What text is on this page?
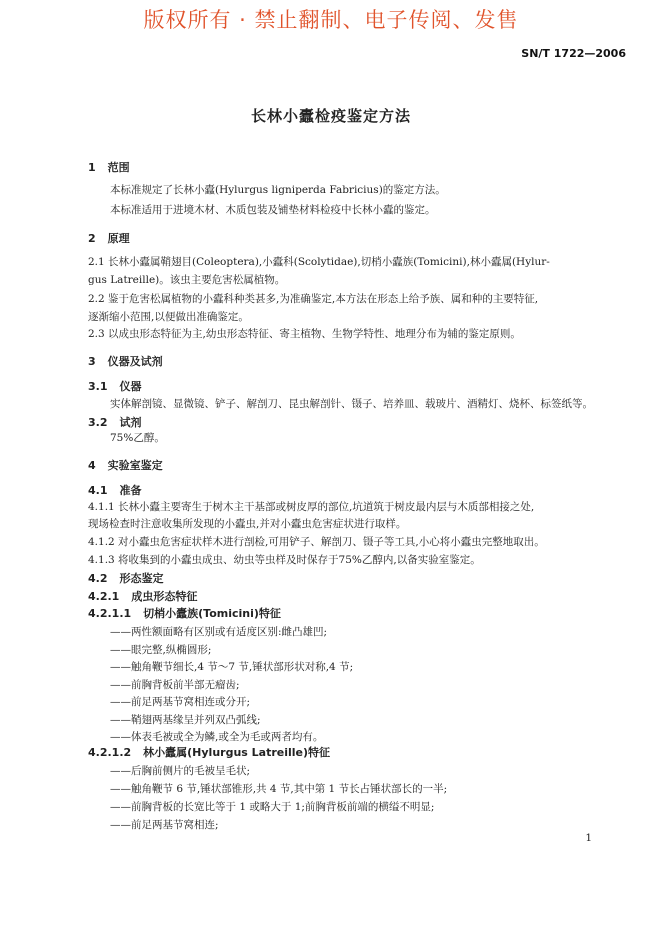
版权所有 · 禁止翻制、电子传阅、发售
SN/T 1722—2006
长林小蠹检疫鉴定方法
1 范围
本标准规定了长林小蠹(Hylurgus ligniperda Fabricius)的鉴定方法。
本标准适用于进境木材、木质包装及铺垫材料检疫中长林小蠹的鉴定。
2 原理
2.1 长林小蠹属鞘翅目(Coleoptera),小蠹科(Scolytidae),切梢小蠹族(Tomicini),林小蠹属(Hylur-
gus Latreille)。该虫主要危害松属植物。
2.2 鉴于危害松属植物的小蠹科种类甚多,为准确鉴定,本方法在形态上给予族、属和种的主要特征,
逐渐缩小范围,以便做出准确鉴定。
2.3 以成虫形态特征为主,幼虫形态特征、寄主植物、生物学特性、地理分布为辅的鉴定原则。
3 仪器及试剂
3.1 仪器
实体解剖镜、显微镜、铲子、解剖刀、昆虫解剖针、镊子、培养皿、载玻片、酒精灯、烧杯、标签纸等。
3.2 试剂
75%乙醇。
4 实验室鉴定
4.1 准备
4.1.1 长林小蠹主要寄生于树木主干基部或树皮厚的部位,坑道筑于树皮最内层与木质部相接之处,
现场检查时注意收集所发现的小蠹虫,并对小蠹虫危害症状进行取样。
4.1.2 对小蠹虫危害症状样木进行剖检,可用铲子、解剖刀、镊子等工具,小心将小蠹虫完整地取出。
4.1.3 将收集到的小蠹虫成虫、幼虫等虫样及时保存于75%乙醇内,以备实验室鉴定。
4.2 形态鉴定
4.2.1 成虫形态特征
4.2.1.1 切梢小蠹族(Tomicini)特征
——两性额面略有区别或有适度区别:雌凸雄凹;
——眼完整,纵椭圆形;
——触角鞭节细长,4 节～7 节,锤状部形状对称,4 节;
——前胸背板前半部无瘤齿;
——前足两基节窝相连或分开;
——鞘翅两基缘呈并列双凸弧线;
——体表毛被或全为鳞,或全为毛或两者均有。
4.2.1.2 林小蠹属(Hylurgus Latreille)特征
——后胸前侧片的毛被呈毛状;
——触角鞭节 6 节,锤状部锥形,共 4 节,其中第 1 节长占锤状部长的一半;
——前胸背板的长宽比等于 1 或略大于 1;前胸背板前端的横缢不明显;
——前足两基节窝相连;
1
